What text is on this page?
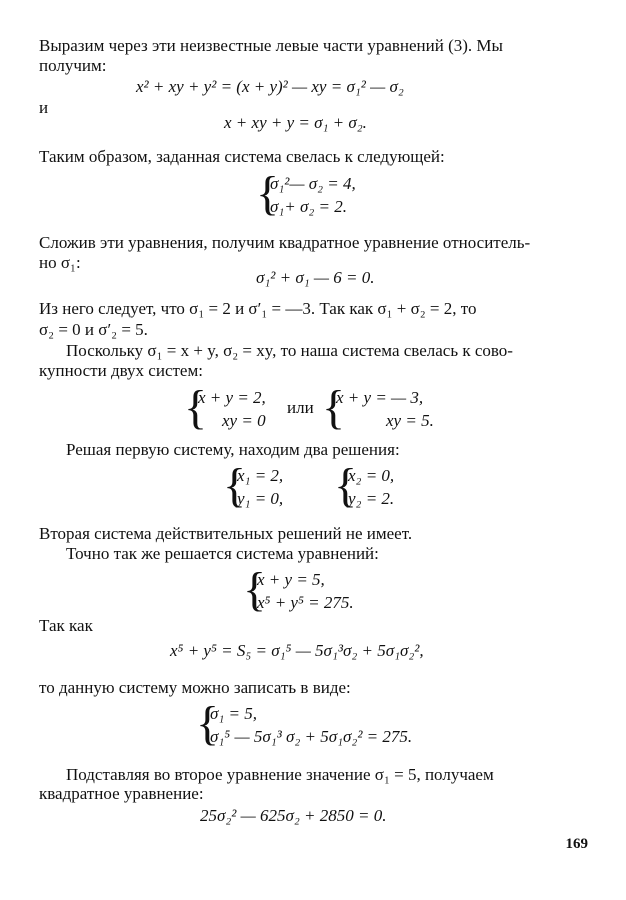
Выразим через эти неизвестные левые части уравнений (3). Мы
получим:
x² + xy + y² = (x + y)² — xy = σ₁² — σ₂
и
x + xy + y = σ₁ + σ₂.
Таким образом, заданная система свелась к следующей:
{
σ₁²— σ₂ = 4,
σ₁+ σ₂ = 2.
Сложив эти уравнения, получим квадратное уравнение относитель-
но σ₁:
σ₁² + σ₁ — 6 = 0.
Из него следует, что σ₁ = 2 и σ′₁ = —3. Так как σ₁ + σ₂ = 2, то
σ₂ = 0 и σ′₂ = 5.
Поскольку σ₁ = x + y, σ₂ = xy, то наша система свелась к сово-
купности двух систем:
{
x + y = 2,
xy = 0
или {
x + y = — 3,
xy = 5.
Решая первую систему, находим два решения:
{
x₁ = 2,
y₁ = 0, {
x₂ = 0,
y₂ = 2.
Вторая система действительных решений не имеет.
Точно так же решается система уравнений:
{
x + y = 5,
x⁵ + y⁵ = 275.
Так как
x⁵ + y⁵ = S₅ = σ₁⁵ — 5σ₁³σ₂ + 5σ₁σ₂²,
то данную систему можно записать в виде:
{
σ₁ = 5,
σ₁⁵ — 5σ₁³ σ₂ + 5σ₁σ₂² = 275.
Подставляя во второе уравнение значение σ₁ = 5, получаем
квадратное уравнение:
25σ₂² — 625σ₂ + 2850 = 0.
169
